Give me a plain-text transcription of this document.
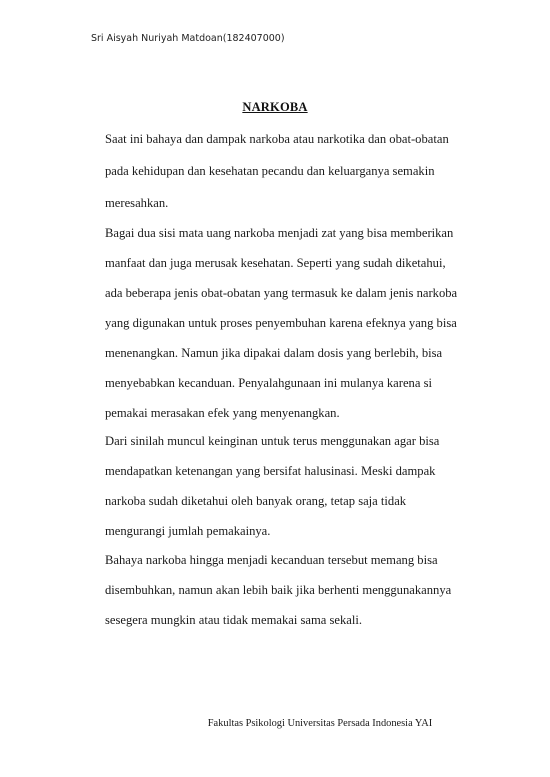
Sri Aisyah Nuriyah Matdoan(182407000)
NARKOBA
Saat ini bahaya dan dampak narkoba atau narkotika dan obat-obatan
pada kehidupan dan kesehatan pecandu dan keluarganya semakin
meresahkan.
Bagai dua sisi mata uang narkoba menjadi zat yang bisa memberikan
manfaat dan juga merusak kesehatan. Seperti yang sudah diketahui,
ada beberapa jenis obat-obatan yang termasuk ke dalam jenis narkoba
yang digunakan untuk proses penyembuhan karena efeknya yang bisa
menenangkan. Namun jika dipakai dalam dosis yang berlebih, bisa
menyebabkan kecanduan. Penyalahgunaan ini mulanya karena si
pemakai merasakan efek yang menyenangkan.
Dari sinilah muncul keinginan untuk terus menggunakan agar bisa
mendapatkan ketenangan yang bersifat halusinasi. Meski dampak
narkoba sudah diketahui oleh banyak orang, tetap saja tidak
mengurangi jumlah pemakainya.
Bahaya narkoba hingga menjadi kecanduan tersebut memang bisa
disembuhkan, namun akan lebih baik jika berhenti menggunakannya
sesegera mungkin atau tidak memakai sama sekali.
Fakultas Psikologi Universitas Persada Indonesia YAI
